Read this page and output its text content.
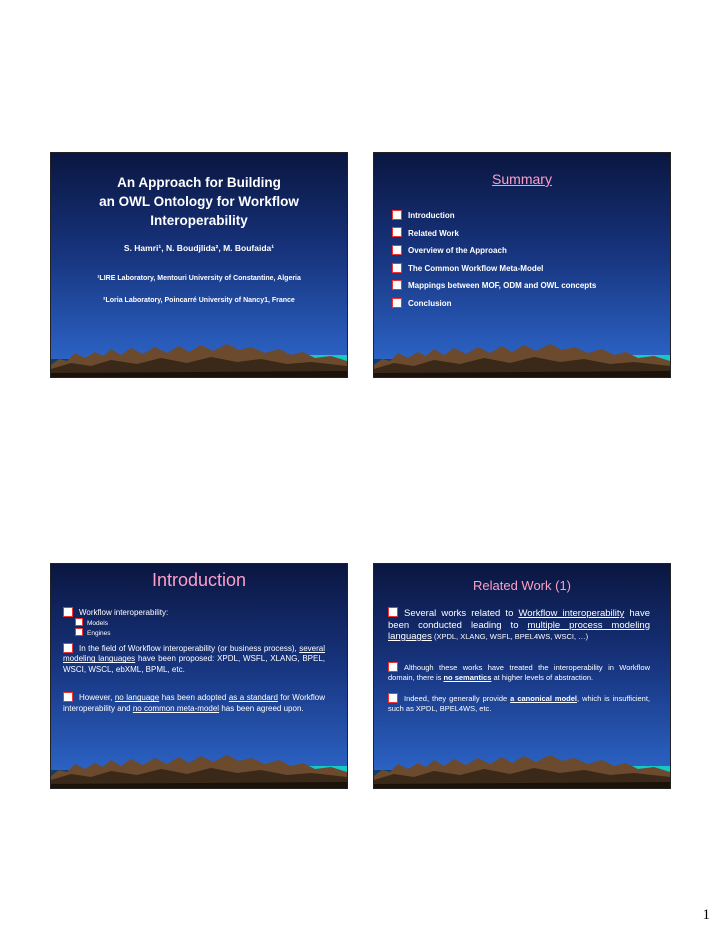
An Approach for Building
an OWL Ontology for Workflow
Interoperability
S. Hamri¹, N. Boudjlida², M. Boufaida¹
¹LIRE Laboratory, Mentouri University of Constantine, Algeria
²Loria Laboratory, Poincarré University of Nancy1, France
Summary
Introduction
Related Work
Overview of the Approach
The Common Workflow Meta-Model
Mappings between MOF, ODM and OWL concepts
Conclusion
Introduction

Workflow interoperability:

Models

Engines

In the field of Workflow interoperability (or business process), several modeling languages have been proposed: XPDL, WSFL, XLANG, BPEL, WSCI, WSCL, ebXML, BPML, etc.

However, no language has been adopted as a standard for Workflow interoperability and no common meta-model has been agreed upon.

Related Work (1)

Several works related to Workflow interoperability have been conducted leading to multiple process modeling languages (XPDL, XLANG, WSFL, BPEL4WS, WSCI, …)

Although these works have treated the interoperability in Workflow domain, there is no semantics at higher levels of abstraction.

Indeed, they generally provide a canonical model, which is insufficient, such as XPDL, BPEL4WS, etc.

1
